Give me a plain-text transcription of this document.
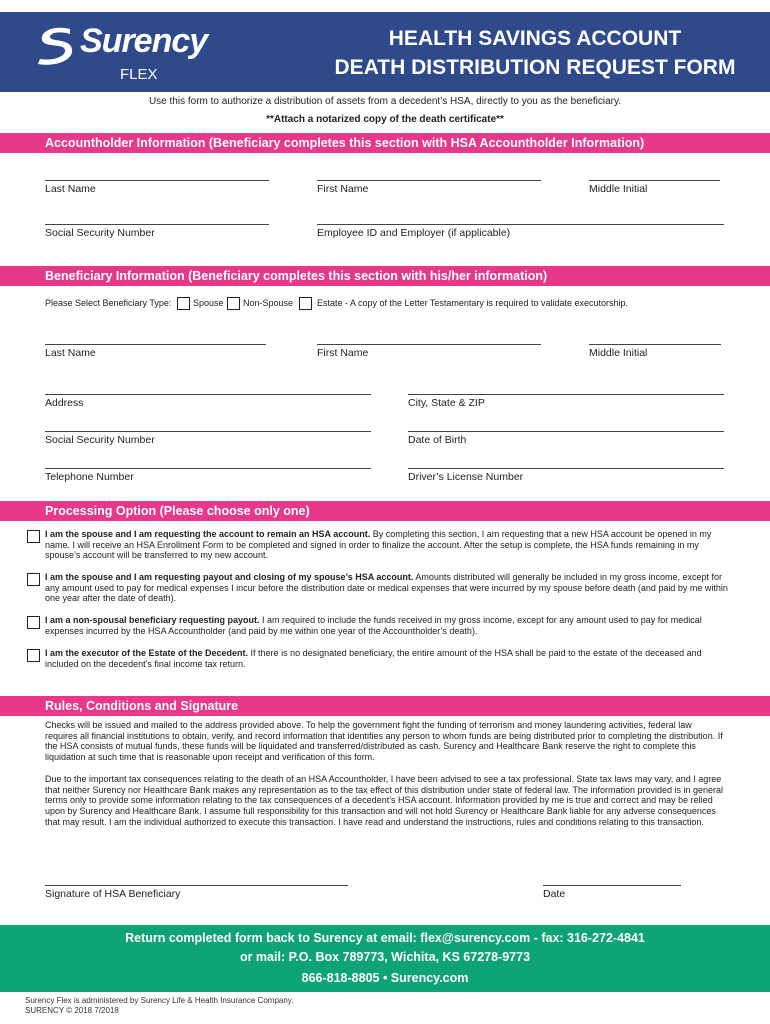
Surency
FLEX
HEALTH SAVINGS ACCOUNT
DEATH DISTRIBUTION REQUEST FORM
Use this form to authorize a distribution of assets from a decedent’s HSA, directly to you as the beneficiary.
**Attach a notarized copy of the death certificate**
Accountholder Information (Beneficiary completes this section with HSA Accountholder Information)
Last Name	First Name	Middle Initial
Social Security Number	Employee ID and Employer (if applicable)
Beneficiary Information (Beneficiary completes this section with his/her information)
Please Select Beneficiary Type: Spouse Non-Spouse	Estate - A copy of the Letter Testamentary is required to validate executorship.
Last Name	First Name	Middle Initial
Address	City, State & ZIP
Social Security Number	Date of Birth
Telephone Number	Driver’s License Number
Processing Option (Please choose only one)
I am the spouse and I am requesting the account to remain an HSA account. By completing this section, I am requesting that a new HSA account be opened in my name. I will receive an HSA Enrollment Form to be completed and signed in order to finalize the account. After the setup is complete, the HSA funds remaining in my spouse’s account will be transferred to my new account.
I am the spouse and I am requesting payout and closing of my spouse’s HSA account. Amounts distributed will generally be included in my gross income, except for any amount used to pay for medical expenses I incur before the distribution date or medical expenses that were incurred by my spouse before death (and paid by me within one year after the date of death).
I am a non-spousal beneficiary requesting payout. I am required to include the funds received in my gross income, except for any amount used to pay for medical expenses incurred by the HSA Accountholder (and paid by me within one year of the Accountholder’s death).
I am the executor of the Estate of the Decedent. If there is no designated beneficiary, the entire amount of the HSA shall be paid to the estate of the deceased and included on the decedent’s final income tax return.
Rules, Conditions and Signature
Checks will be issued and mailed to the address provided above. To help the government fight the funding of terrorism and money laundering activities, federal law requires all financial institutions to obtain, verify, and record information that identifies any person to whom funds are being distributed prior to completing the distribution. If the HSA consists of mutual funds, these funds will be liquidated and transferred/distributed as cash. Surency and Healthcare Bank reserve the right to complete this liquidation at such time that is reasonable upon receipt and verification of this form.
Due to the important tax consequences relating to the death of an HSA Accountholder, I have been advised to see a tax professional. State tax laws may vary, and I agree that neither Surency nor Healthcare Bank makes any representation as to the tax effect of this distribution under state of federal law. The information provided is in general terms only to provide some information relating to the tax consequences of a decedent’s HSA account. Information provided by me is true and correct and may be relied upon by Surency and Healthcare Bank. I assume full responsibility for this transaction and will not hold Surency or Healthcare Bank liable for any adverse consequences that may result. I am the individual authorized to execute this transaction. I have read and understand the instructions, rules and conditions relating to this transaction.
Signature of HSA Beneficiary	Date
Return completed form back to Surency at email: flex@surency.com - fax: 316-272-4841
or mail: P.O. Box 789773, Wichita, KS 67278-9773
866-818-8805 • Surency.com
Surency Flex is administered by Surency Life & Health Insurance Company.
SURENCY © 2018 7/2018
